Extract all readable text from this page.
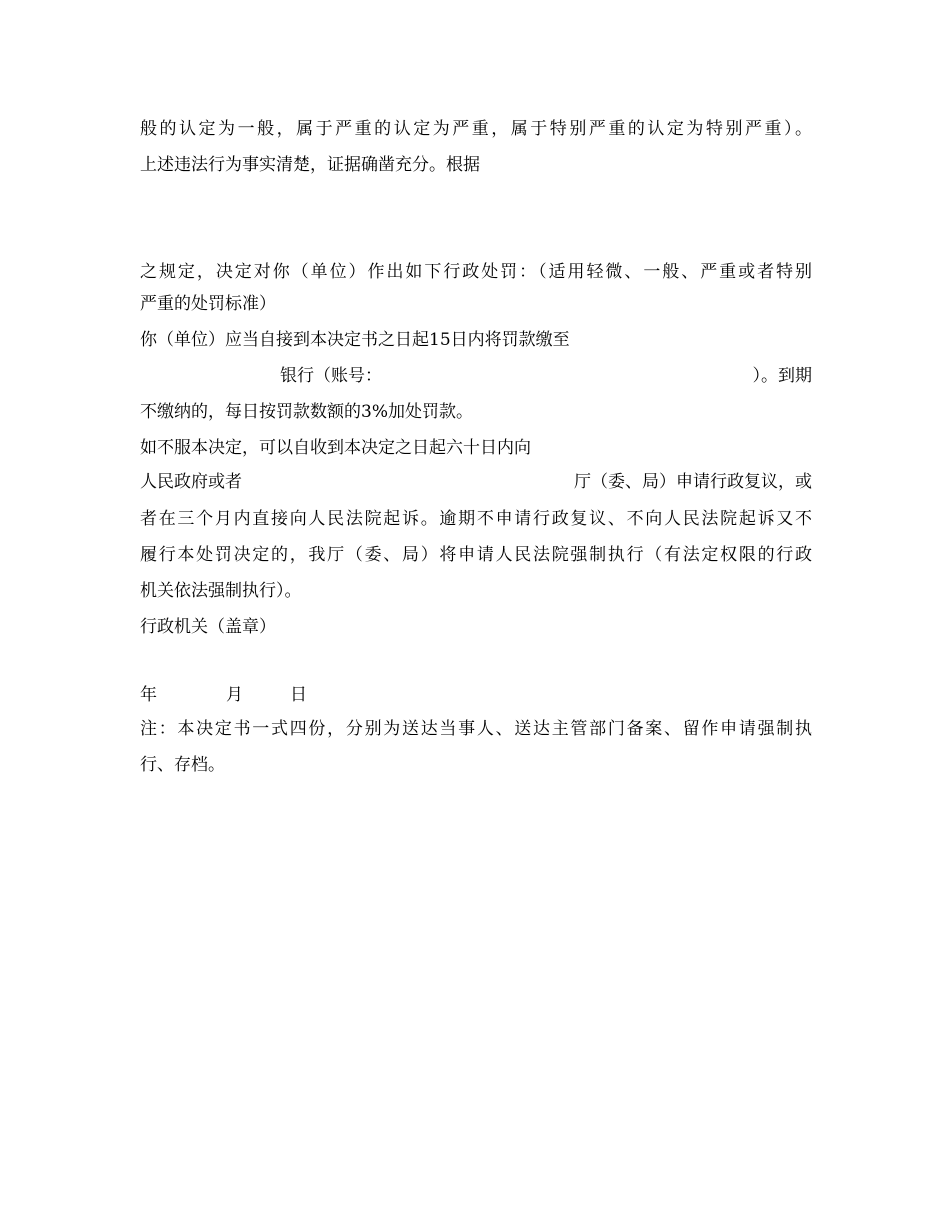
般的认定为一般，属于严重的认定为严重，属于特别严重的认定为特别严重）。
上述违法行为事实清楚，证据确凿充分。根据
之规定，决定对你（单位）作出如下行政处罚：（适用轻微、一般、严重或者特别
严重的处罚标准）
你（单位）应当自接到本决定书之日起15日内将罚款缴至
银行（账号：	）。到期
不缴纳的，每日按罚款数额的3%加处罚款。
如不服本决定，可以自收到本决定之日起六十日内向
人民政府或者	厅（委、局）申请行政复议，或
者在三个月内直接向人民法院起诉。逾期不申请行政复议、不向人民法院起诉又不
履行本处罚决定的，我厅（委、局）将申请人民法院强制执行（有法定权限的行政
机关依法强制执行）。
行政机关（盖章）
年	月	日
注：本决定书一式四份，分别为送达当事人、送达主管部门备案、留作申请强制执
行、存档。
